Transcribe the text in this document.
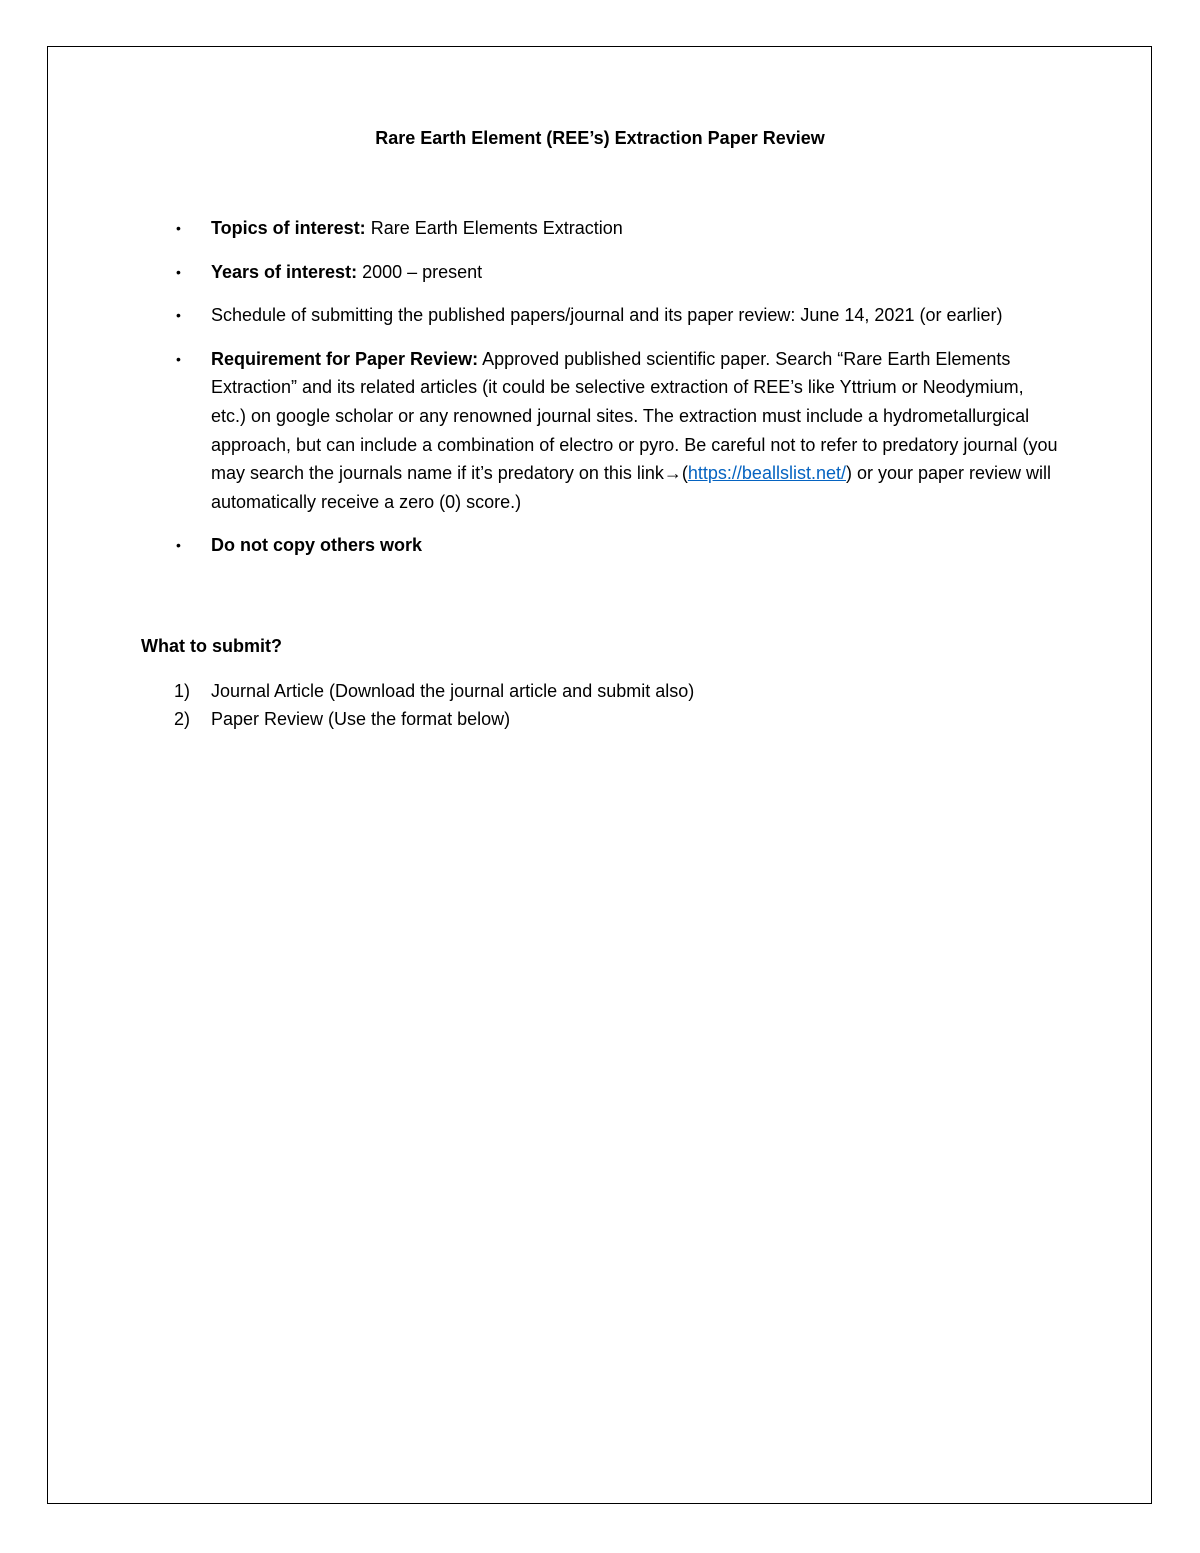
Rare Earth Element (REE’s) Extraction Paper Review
• Topics of interest: Rare Earth Elements Extraction
• Years of interest: 2000 – present
• Schedule of submitting the published papers/journal and its paper review: June 14, 2021 (or earlier)
• Requirement for Paper Review: Approved published scientific paper. Search “Rare Earth Elements Extraction” and its related articles (it could be selective extraction of REE’s like Yttrium or Neodymium, etc.) on google scholar or any renowned journal sites. The extraction must include a hydrometallurgical approach, but can include a combination of electro or pyro. Be careful not to refer to predatory journal (you may search the journals name if it’s predatory on this link→(https://beallslist.net/) or your paper review will automatically receive a zero (0) score.)
• Do not copy others work
What to submit?
1) Journal Article (Download the journal article and submit also)
2) Paper Review (Use the format below)
